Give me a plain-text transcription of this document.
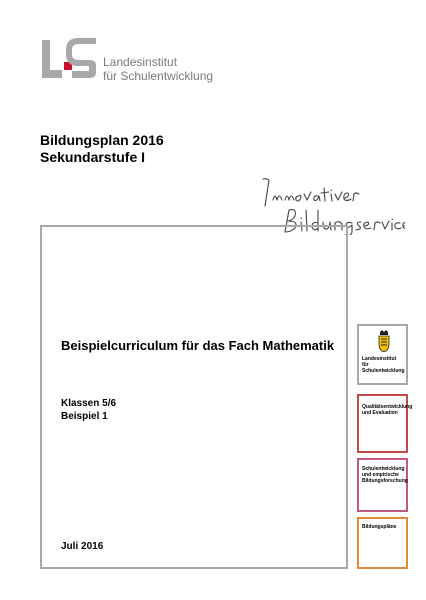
Landesinstitut
für Schulentwicklung
Bildungsplan 2016
Sekundarstufe I
Beispielcurriculum für das Fach Mathematik
Klassen 5/6
Beispiel 1
Juli 2016
Landesinstitut
für Schulentwicklung
Qualitätsentwicklung
und Evaluation
Schulentwicklung
und empirische
Bildungsforschung
Bildungspläne
